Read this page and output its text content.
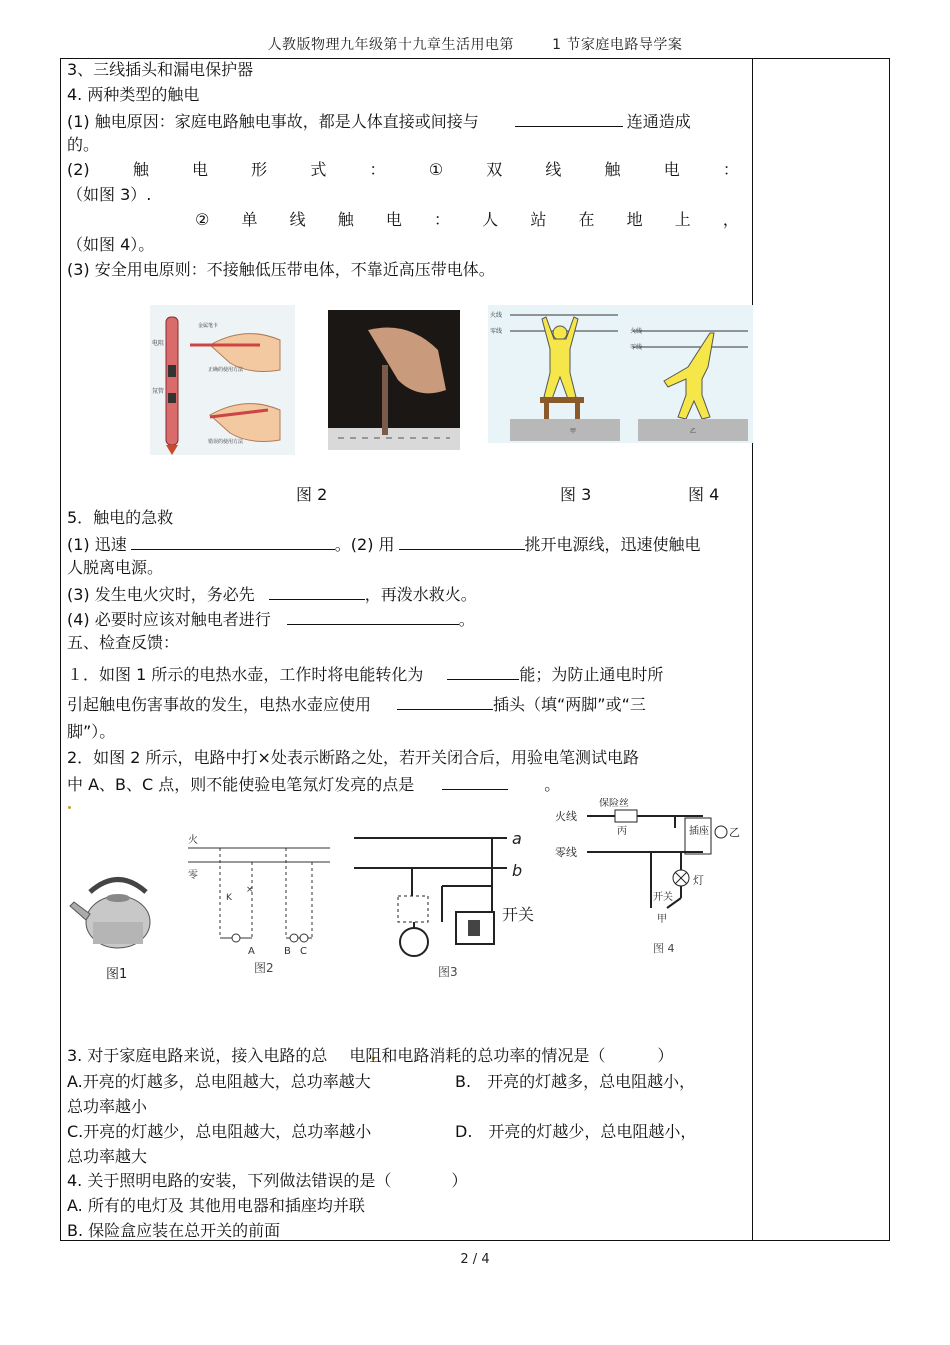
人教版物理九年级第十九章生活用电第	1 节家庭电路导学案
3、三线插头和漏电保护器
4. 两种类型的触电
(1) 触电原因：家庭电路触电事故，都是人体直接或间接与	连通造成
的。
(2)	触	电	形	式	：	①	双	线	触	电	：
（如图 3）.
② 单 线 触 电 ： 人 站 在 地 上 ，
（如图 4）。
(3) 安全用电原则：不接触低压带电体，不靠近高压带电体。
金属笔卡
电阻
氖管
正确的使用方法
错误的使用方法
火线
零线	火线
零线
甲	乙
图 2	图 3	图 4
5．触电的急救
(1) 迅速	。(2) 用	挑开电源线，迅速使触电
人脱离电源。
(3) 发生电火灾时，务必先	，再泼水救火。
(4) 必要时应该对触电者进行	。
五、检查反馈：
１．如图 1 所示的电热水壶，工作时将电能转化为	能；为防止通电时所
引起触电伤害事故的发生，电热水壶应使用	插头（填“两脚”或“三
脚”）。
2．如图 2 所示，电路中打×处表示断路之处，若开关闭合后，用验电笔测试电路
中 A、B、C 点，则不能使验电笔氖灯发亮的点是	。
图1
火
零
K
×
A	B C
图2
a
b
开关
图3
火线
保险丝
丙	插座 乙
零线
灯
开关
甲
图 4
3. 对于家庭电路来说，接入电路的总 电阻和电路消耗的总功率的情况是（	）
A.开亮的灯越多，总电阻越大，总功率越大	B.　开亮的灯越多，总电阻越小，
总功率越小
C.开亮的灯越少，总电阻越大，总功率越小	D.　开亮的灯越少，总电阻越小，
总功率越大
4. 关于照明电路的安装，下列做法错误的是（	）
A. 所有的电灯及 其他用电器和插座均并联
B. 保险盒应装在总开关的前面
2 / 4
